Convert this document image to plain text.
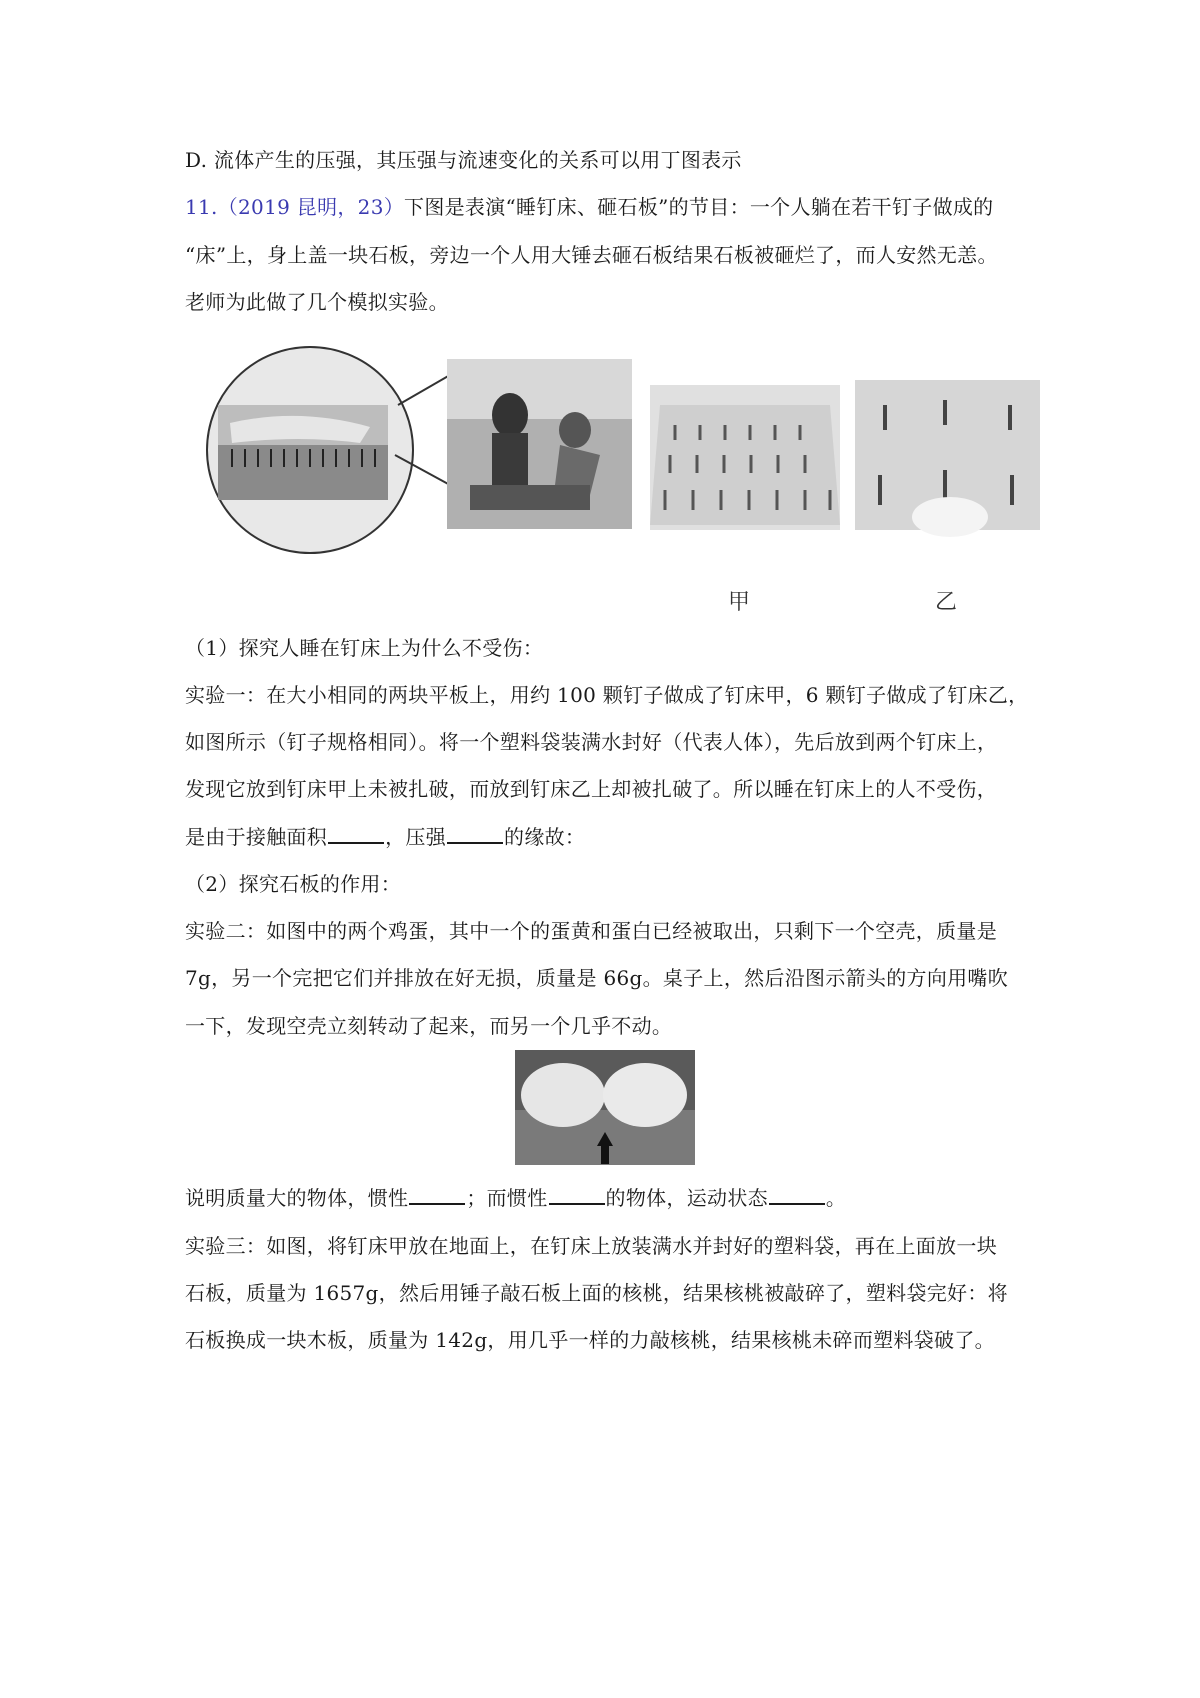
D. 流体产生的压强，其压强与流速变化的关系可以用丁图表示
11.（2019 昆明，23）下图是表演“睡钉床、砸石板”的节目：一个人躺在若干钉子做成的
“床”上，身上盖一块石板，旁边一个人用大锤去砸石板结果石板被砸烂了，而人安然无恙。
老师为此做了几个模拟实验。
甲	乙
（1）探究人睡在钉床上为什么不受伤：
实验一：在大小相同的两块平板上，用约 100 颗钉子做成了钉床甲，6 颗钉子做成了钉床乙，
如图所示（钉子规格相同）。将一个塑料袋装满水封好（代表人体），先后放到两个钉床上，
发现它放到钉床甲上未被扎破，而放到钉床乙上却被扎破了。所以睡在钉床上的人不受伤，
是由于接触面积	，压强	的缘故：
（2）探究石板的作用：
实验二：如图中的两个鸡蛋，其中一个的蛋黄和蛋白已经被取出，只剩下一个空壳，质量是
7g，另一个完把它们并排放在好无损，质量是 66g。桌子上，然后沿图示箭头的方向用嘴吹
一下，发现空壳立刻转动了起来，而另一个几乎不动。
说明质量大的物体，惯性	；而惯性	的物体，运动状态	。
实验三：如图，将钉床甲放在地面上，在钉床上放装满水并封好的塑料袋，再在上面放一块
石板，质量为 1657g，然后用锤子敲石板上面的核桃，结果核桃被敲碎了，塑料袋完好：将
石板换成一块木板，质量为 142g，用几乎一样的力敲核桃，结果核桃未碎而塑料袋破了。
